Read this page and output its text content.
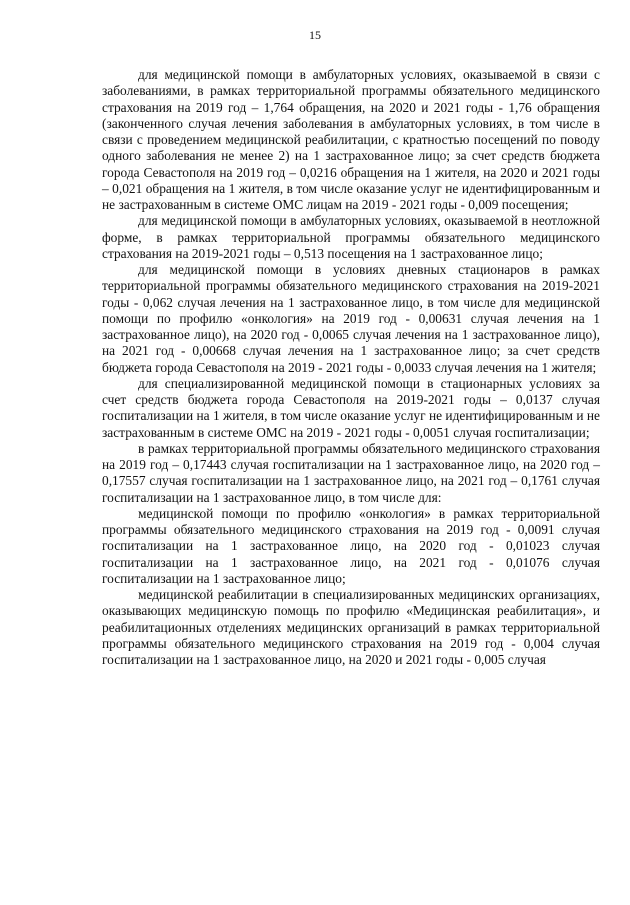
15

для медицинской помощи в амбулаторных условиях, оказываемой в связи с заболеваниями, в рамках территориальной программы обязательного медицинского страхования на 2019 год – 1,764 обращения, на 2020 и 2021 годы - 1,76 обращения (законченного случая лечения заболевания в амбулаторных условиях, в том числе в связи с проведением медицинской реабилитации, с кратностью посещений по поводу одного заболевания не менее 2) на 1 застрахованное лицо; за счет средств бюджета города Севастополя на 2019 год – 0,0216 обращения на 1 жителя, на 2020 и 2021 годы – 0,021 обращения на 1 жителя, в том числе оказание услуг не идентифицированным и не застрахованным в системе ОМС лицам на 2019 - 2021 годы - 0,009 посещения;

для медицинской помощи в амбулаторных условиях, оказываемой в неотложной форме, в рамках территориальной программы обязательного медицинского страхования на 2019-2021 годы – 0,513 посещения на 1 застрахованное лицо;

для медицинской помощи в условиях дневных стационаров в рамках территориальной программы обязательного медицинского страхования на 2019-2021 годы - 0,062 случая лечения на 1 застрахованное лицо, в том числе для медицинской помощи по профилю «онкология» на 2019 год - 0,00631 случая лечения на 1 застрахованное лицо), на 2020 год - 0,0065 случая лечения на 1 застрахованное лицо), на 2021 год - 0,00668 случая лечения на 1 застрахованное лицо; за счет средств бюджета города Севастополя на 2019 - 2021 годы - 0,0033 случая лечения на 1 жителя;

для специализированной медицинской помощи в стационарных условиях за счет средств бюджета города Севастополя на 2019-2021 годы – 0,0137 случая госпитализации на 1 жителя, в том числе оказание услуг не идентифицированным и не застрахованным в системе ОМС на 2019 - 2021 годы - 0,0051 случая госпитализации;

в рамках территориальной программы обязательного медицинского страхования на 2019 год – 0,17443 случая госпитализации на 1 застрахованное лицо, на 2020 год – 0,17557 случая госпитализации на 1 застрахованное лицо, на 2021 год – 0,1761 случая госпитализации на 1 застрахованное лицо, в том числе для:

медицинской помощи по профилю «онкология» в рамках территориальной программы обязательного медицинского страхования на 2019 год - 0,0091 случая госпитализации на 1 застрахованное лицо, на 2020 год - 0,01023 случая госпитализации на 1 застрахованное лицо, на 2021 год - 0,01076 случая госпитализации на 1 застрахованное лицо;

медицинской реабилитации в специализированных медицинских организациях, оказывающих медицинскую помощь по профилю «Медицинская реабилитация», и реабилитационных отделениях медицинских организаций в рамках территориальной программы обязательного медицинского страхования на 2019 год - 0,004 случая госпитализации на 1 застрахованное лицо, на 2020 и 2021 годы - 0,005 случая
